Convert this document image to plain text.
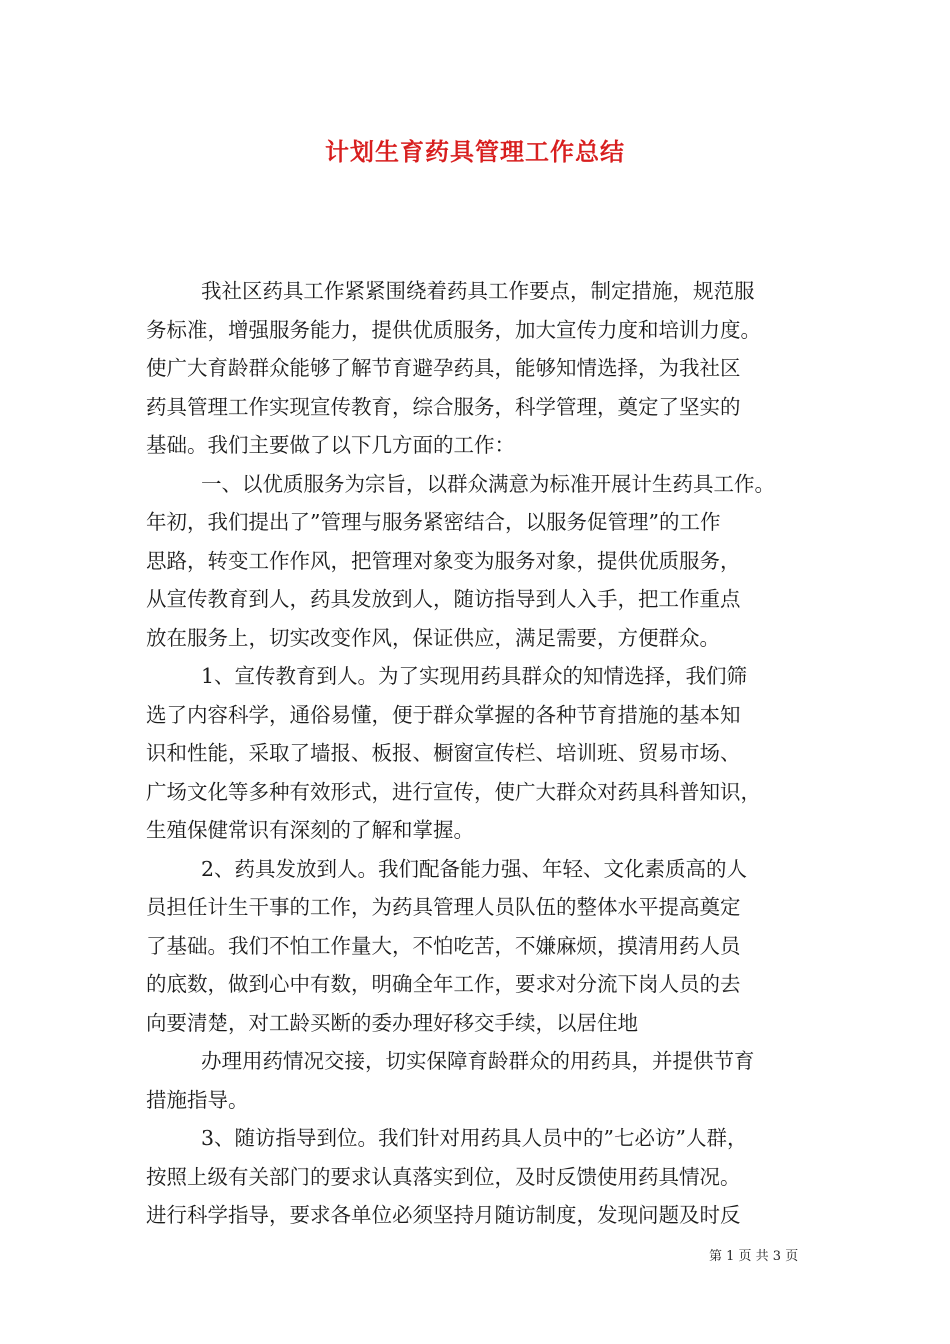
计划生育药具管理工作总结
我社区药具工作紧紧围绕着药具工作要点，制定措施，规范服
务标准，增强服务能力，提供优质服务，加大宣传力度和培训力度。
使广大育龄群众能够了解节育避孕药具，能够知情选择，为我社区
药具管理工作实现宣传教育，综合服务，科学管理，奠定了坚实的
基础。我们主要做了以下几方面的工作：
一、以优质服务为宗旨，以群众满意为标准开展计生药具工作。
年初，我们提出了”管理与服务紧密结合，以服务促管理”的工作
思路，转变工作作风，把管理对象变为服务对象，提供优质服务，
从宣传教育到人，药具发放到人，随访指导到人入手，把工作重点
放在服务上，切实改变作风，保证供应，满足需要，方便群众。
1、宣传教育到人。为了实现用药具群众的知情选择，我们筛
选了内容科学，通俗易懂，便于群众掌握的各种节育措施的基本知
识和性能，采取了墙报、板报、橱窗宣传栏、培训班、贸易市场、
广场文化等多种有效形式，进行宣传，使广大群众对药具科普知识，
生殖保健常识有深刻的了解和掌握。
2、药具发放到人。我们配备能力强、年轻、文化素质高的人
员担任计生干事的工作，为药具管理人员队伍的整体水平提高奠定
了基础。我们不怕工作量大，不怕吃苦，不嫌麻烦，摸清用药人员
的底数，做到心中有数，明确全年工作，要求对分流下岗人员的去
向要清楚，对工龄买断的委办理好移交手续，以居住地
办理用药情况交接，切实保障育龄群众的用药具，并提供节育
措施指导。
3、随访指导到位。我们针对用药具人员中的”七必访”人群，
按照上级有关部门的要求认真落实到位，及时反馈使用药具情况。
进行科学指导，要求各单位必须坚持月随访制度，发现问题及时反
第 1 页 共 3 页
